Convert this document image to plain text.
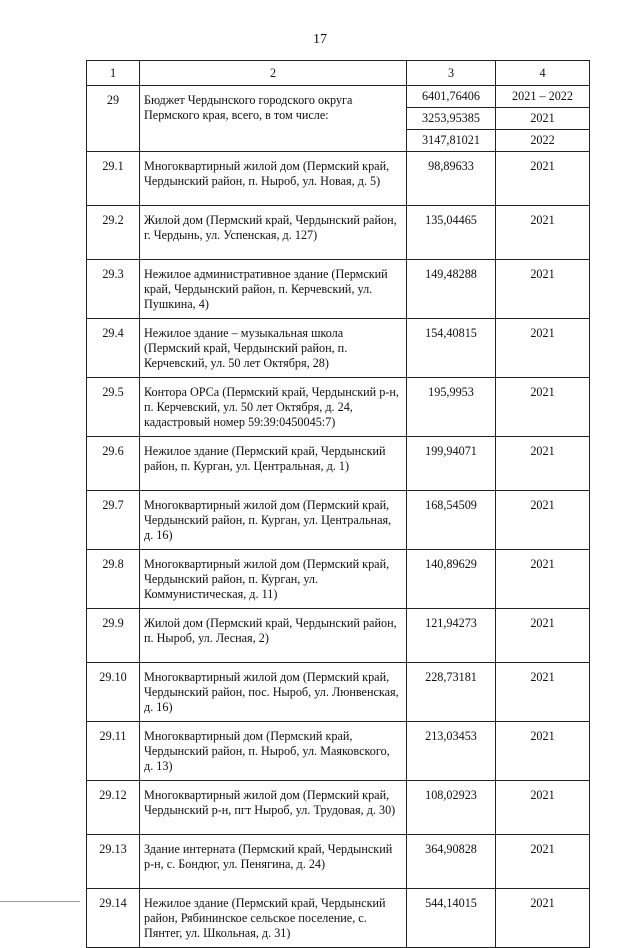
17
1	2	3	4
29	Бюджет Чердынского городского округа Пермского края, всего, в том числе:	6401,76406	2021 – 2022
		3253,95385	2021
		3147,81021	2022
29.1	Многоквартирный жилой дом (Пермский край, Чердынский район, п. Ныроб, ул. Новая, д. 5)	98,89633	2021
29.2	Жилой дом (Пермский край, Чердынский район, г. Чердынь, ул. Успенская, д. 127)	135,04465	2021
29.3	Нежилое административное здание (Пермский край, Чердынский район, п. Керчевский, ул. Пушкина, 4)	149,48288	2021
29.4	Нежилое здание – музыкальная школа (Пермский край, Чердынский район, п. Керчевский, ул. 50 лет Октября, 28)	154,40815	2021
29.5	Контора ОРСа (Пермский край, Чердынский р-н, п. Керчевский, ул. 50 лет Октября, д. 24, кадастровый номер 59:39:0450045:7)	195,9953	2021
29.6	Нежилое здание (Пермский край, Чердынский район, п. Курган, ул. Центральная, д. 1)	199,94071	2021
29.7	Многоквартирный жилой дом (Пермский край, Чердынский район, п. Курган, ул. Центральная, д. 16)	168,54509	2021
29.8	Многоквартирный жилой дом (Пермский край, Чердынский район, п. Курган, ул. Коммунистическая, д. 11)	140,89629	2021
29.9	Жилой дом (Пермский край, Чердынский район, п. Ныроб, ул. Лесная, 2)	121,94273	2021
29.10	Многоквартирный жилой дом (Пермский край, Чердынский район, пос. Ныроб, ул. Люнвенская, д. 16)	228,73181	2021
29.11	Многоквартирный дом (Пермский край, Чердынский район, п. Ныроб, ул. Маяковского, д. 13)	213,03453	2021
29.12	Многоквартирный жилой дом (Пермский край, Чердынский р-н, пгт Ныроб, ул. Трудовая, д. 30)	108,02923	2021
29.13	Здание интерната (Пермский край, Чердынский р-н, с. Бондюг, ул. Пенягина, д. 24)	364,90828	2021
29.14	Нежилое здание (Пермский край, Чердынский район, Рябининское сельское поселение, с. Пянтег, ул. Школьная, д. 31)	544,14015	2021
